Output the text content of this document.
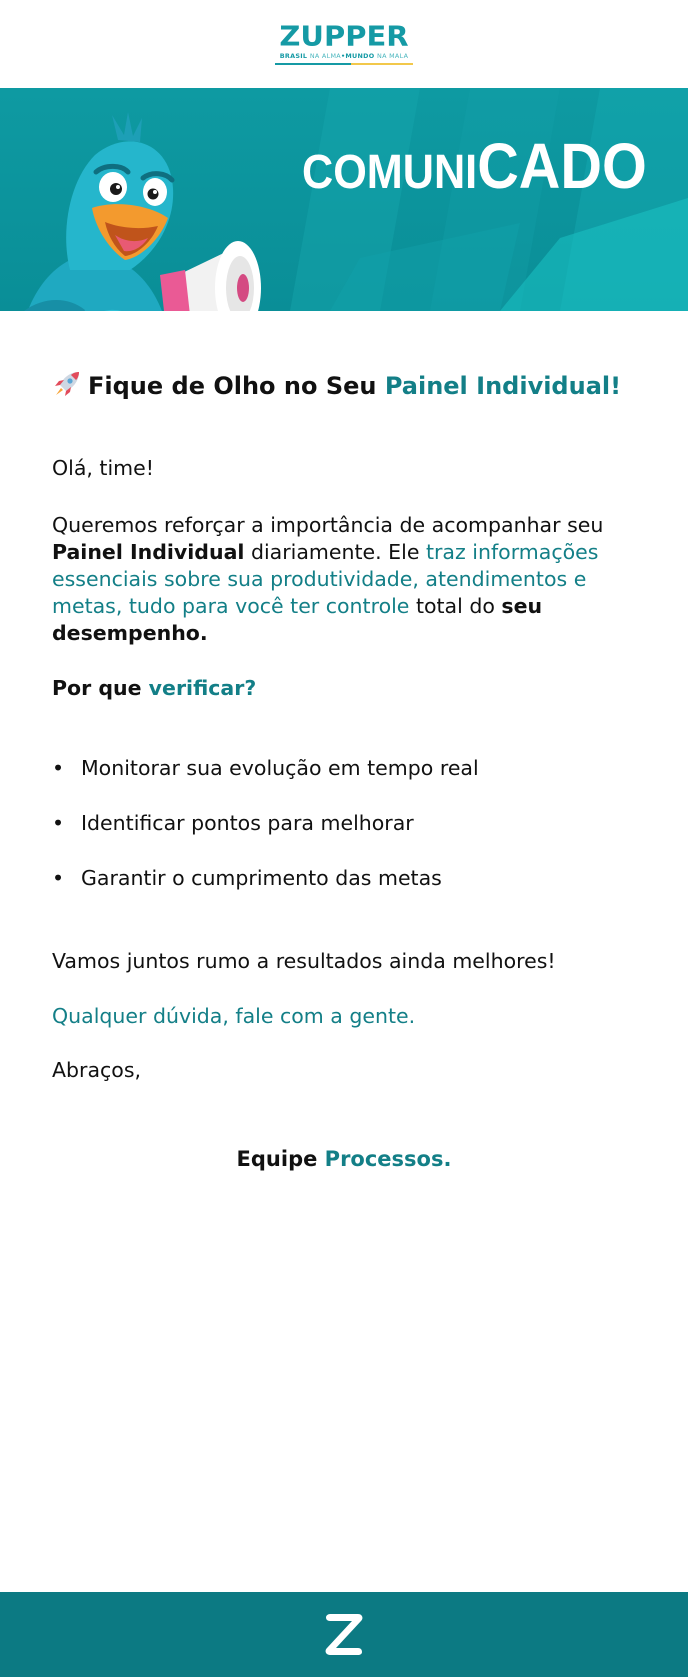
ZUPPER
BRASIL NA ALMA•MUNDO NA MALA
COMUNICADO
Fique de Olho no Seu Painel Individual!
Olá, time!
Queremos reforçar a importância de acompanhar seu Painel Individual diariamente. Ele traz informações essenciais sobre sua produtividade, atendimentos e metas, tudo para você ter controle total do seu desempenho.
Por que verificar?
• Monitorar sua evolução em tempo real
• Identificar pontos para melhorar
• Garantir o cumprimento das metas
Vamos juntos rumo a resultados ainda melhores!
Qualquer dúvida, fale com a gente.
Abraços,
Equipe Processos.
